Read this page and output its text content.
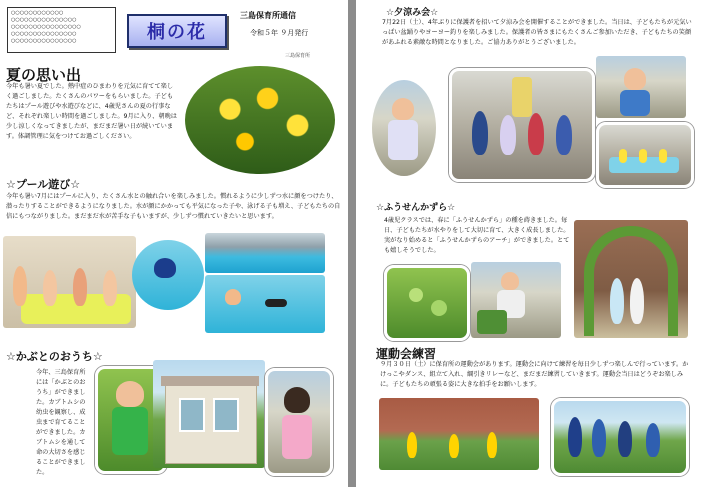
○○○○○○○○○○○○
○○○○○○○○○○○○○○○
○○○○○○○○○○○○○○○○
○○○○○○○○○○○○○○○
○○○○○○○○○○○○○○○	桐の花
三島保育所通信
令和５年 ９月発行
三島保育所
夏の思い出
今年も暑い夏でした。熱中症のひまわりを元気に育てて楽しく過ごしました。たくさんのパワーをもらいました。子どもたちはプール遊びや水遊びなどに、4歳児さんの夏の行事など、それぞれ楽しい時間を過ごしました。9月に入り、朝晩は少し涼しくなってきましたが、まだまだ暑い日が続いています。体調管理に気をつけてお過ごしください。
☆プール遊び☆
今年も暑い7月にはプールに入り、たくさん水との触れ合いを楽しみました。慣れるように少しずつ水に顔をつけたり、潜ったりすることができるようになりました。水が顔にかかっても平気になった子や、泳げる子も増え、子どもたちの自信にもつながりました。まだまだ水が苦手な子もいますが、少しずつ慣れていきたいと思います。
☆かぶとのおうち☆
今年、三島保育所には「かぶとのおうち」ができました。カブトムシの幼虫を観察し、成虫まで育てることができました。カブトムシを通して命の大切さを感じることができました。
☆夕涼み会☆
7月22日（土）、4年ぶりに保護者を招いて夕涼み会を開催することができました。当日は、子どもたちが元気いっぱい盆踊りやヨーヨー釣りを楽しみました。保護者の皆さまにもたくさんご参加いただき、子どもたちの笑顔があふれる素敵な時間となりました。ご協力ありがとうございました。
☆ふうせんかずら☆
4歳児クラスでは、春に「ふうせんかずら」の種を蒔きました。毎日、子どもたちが水やりをして大切に育て、大きく成長しました。実がなり始めると「ふうせんかずらのアーチ」ができました。とても嬉しそうでした。
運動会練習
９月３０日（土）に保育所の運動会があります。運動会に向けて練習を毎日少しずつ楽しんで行っています。かけっこやダンス、組立て入れ、綱引きリレーなど、まだまだ練習していきます。運動会当日はどうぞお楽しみに。子どもたちの頑張る姿に大きな拍手をお願いします。
